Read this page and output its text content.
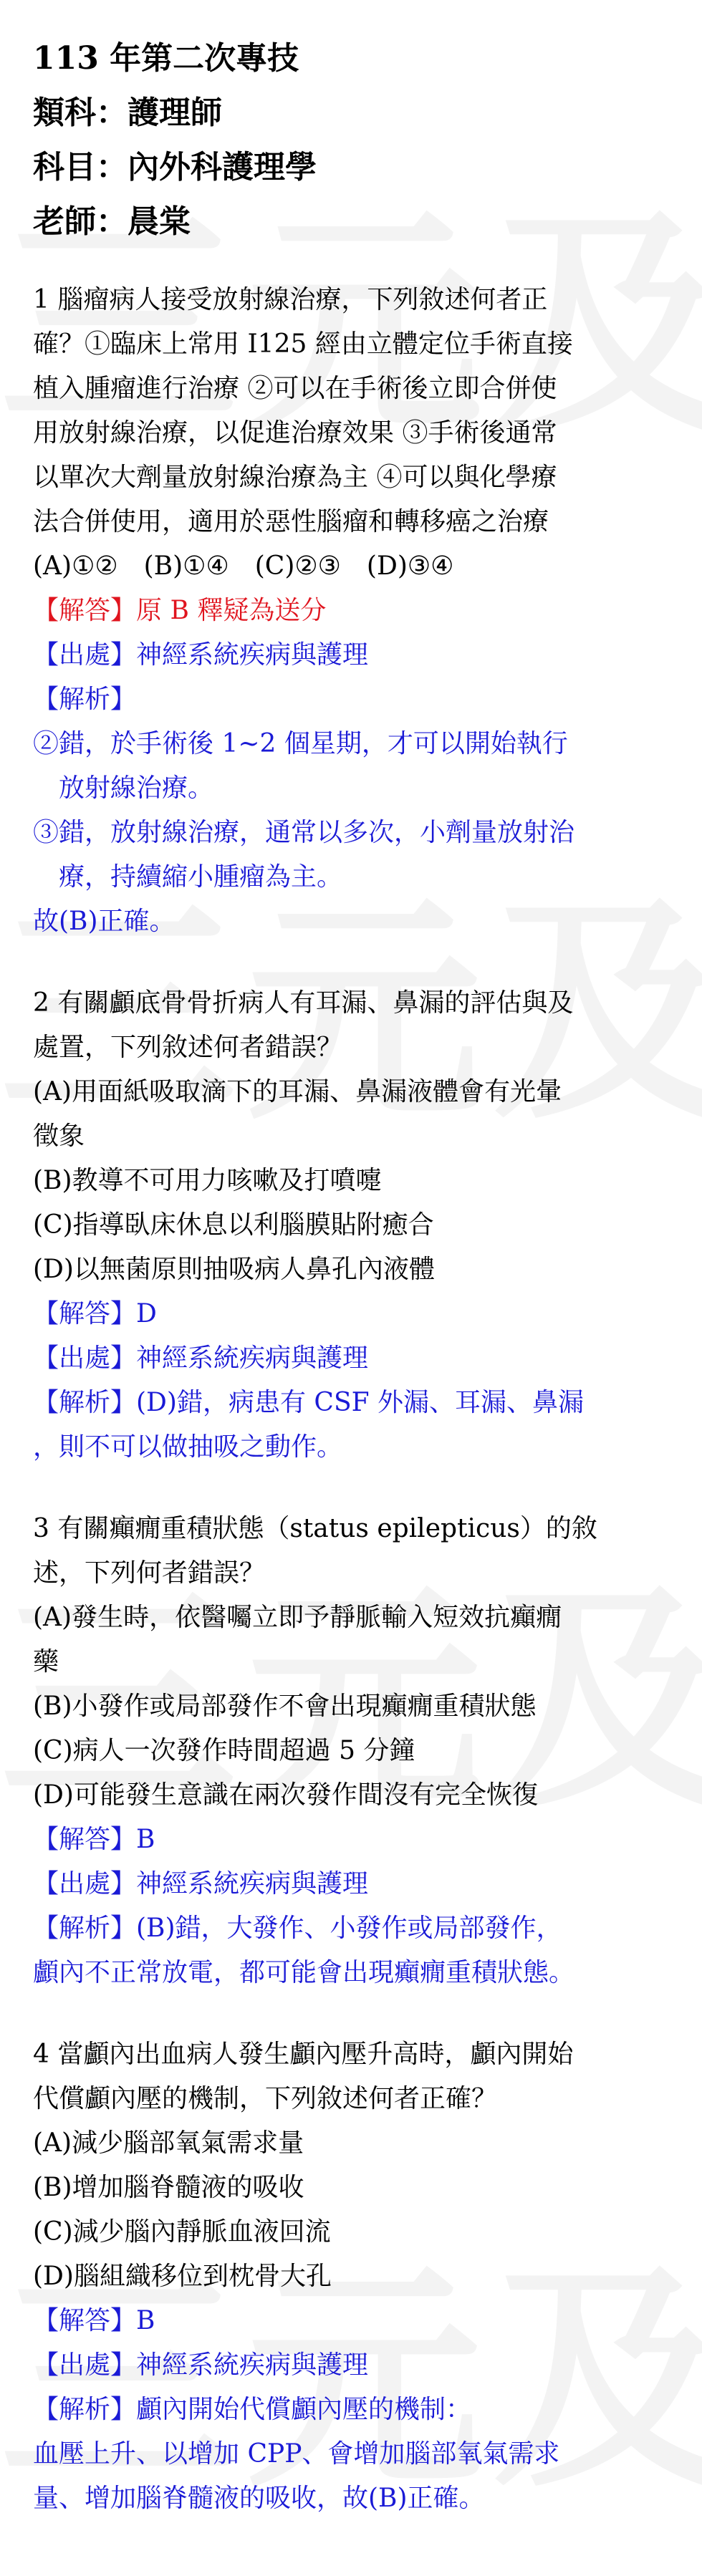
113 年第二次專技

類科：護理師

科目：內外科護理學

老師：晨棠

1 腦瘤病人接受放射線治療，下列敘述何者正

確？①臨床上常用 I125 經由立體定位手術直接

植入腫瘤進行治療 ②可以在手術後立即合併使

用放射線治療，以促進治療效果 ③手術後通常

以單次大劑量放射線治療為主 ④可以與化學療

法合併使用，適用於惡性腦瘤和轉移癌之治療

(A)①②　(B)①④　(C)②③　(D)③④

【解答】原 B 釋疑為送分

【出處】神經系統疾病與護理

【解析】

②錯，於手術後 1~2 個星期，才可以開始執行

放射線治療。

③錯，放射線治療，通常以多次，小劑量放射治

療，持續縮小腫瘤為主。

故(B)正確。

2 有關顱底骨骨折病人有耳漏、鼻漏的評估與及

處置，下列敘述何者錯誤？

(A)用面紙吸取滴下的耳漏、鼻漏液體會有光暈

徵象

(B)教導不可用力咳嗽及打噴嚏

(C)指導臥床休息以利腦膜貼附癒合

(D)以無菌原則抽吸病人鼻孔內液體

【解答】D

【出處】神經系統疾病與護理

【解析】(D)錯，病患有 CSF 外漏、耳漏、鼻漏

，則不可以做抽吸之動作。

3 有關癲癇重積狀態（status epilepticus）的敘

述，下列何者錯誤？

(A)發生時，依醫囑立即予靜脈輸入短效抗癲癇

藥

(B)小發作或局部發作不會出現癲癇重積狀態

(C)病人一次發作時間超過 5 分鐘

(D)可能發生意識在兩次發作間沒有完全恢復

【解答】B

【出處】神經系統疾病與護理

【解析】(B)錯，大發作、小發作或局部發作，

顱內不正常放電，都可能會出現癲癇重積狀態。

4 當顱內出血病人發生顱內壓升高時，顱內開始

代償顱內壓的機制，下列敘述何者正確？

(A)減少腦部氧氣需求量

(B)增加腦脊髓液的吸收

(C)減少腦內靜脈血液回流

(D)腦組織移位到枕骨大孔

【解答】B

【出處】神經系統疾病與護理

【解析】顱內開始代償顱內壓的機制：

血壓上升、以增加 CPP、會增加腦部氧氣需求

量、增加腦脊髓液的吸收，故(B)正確。
